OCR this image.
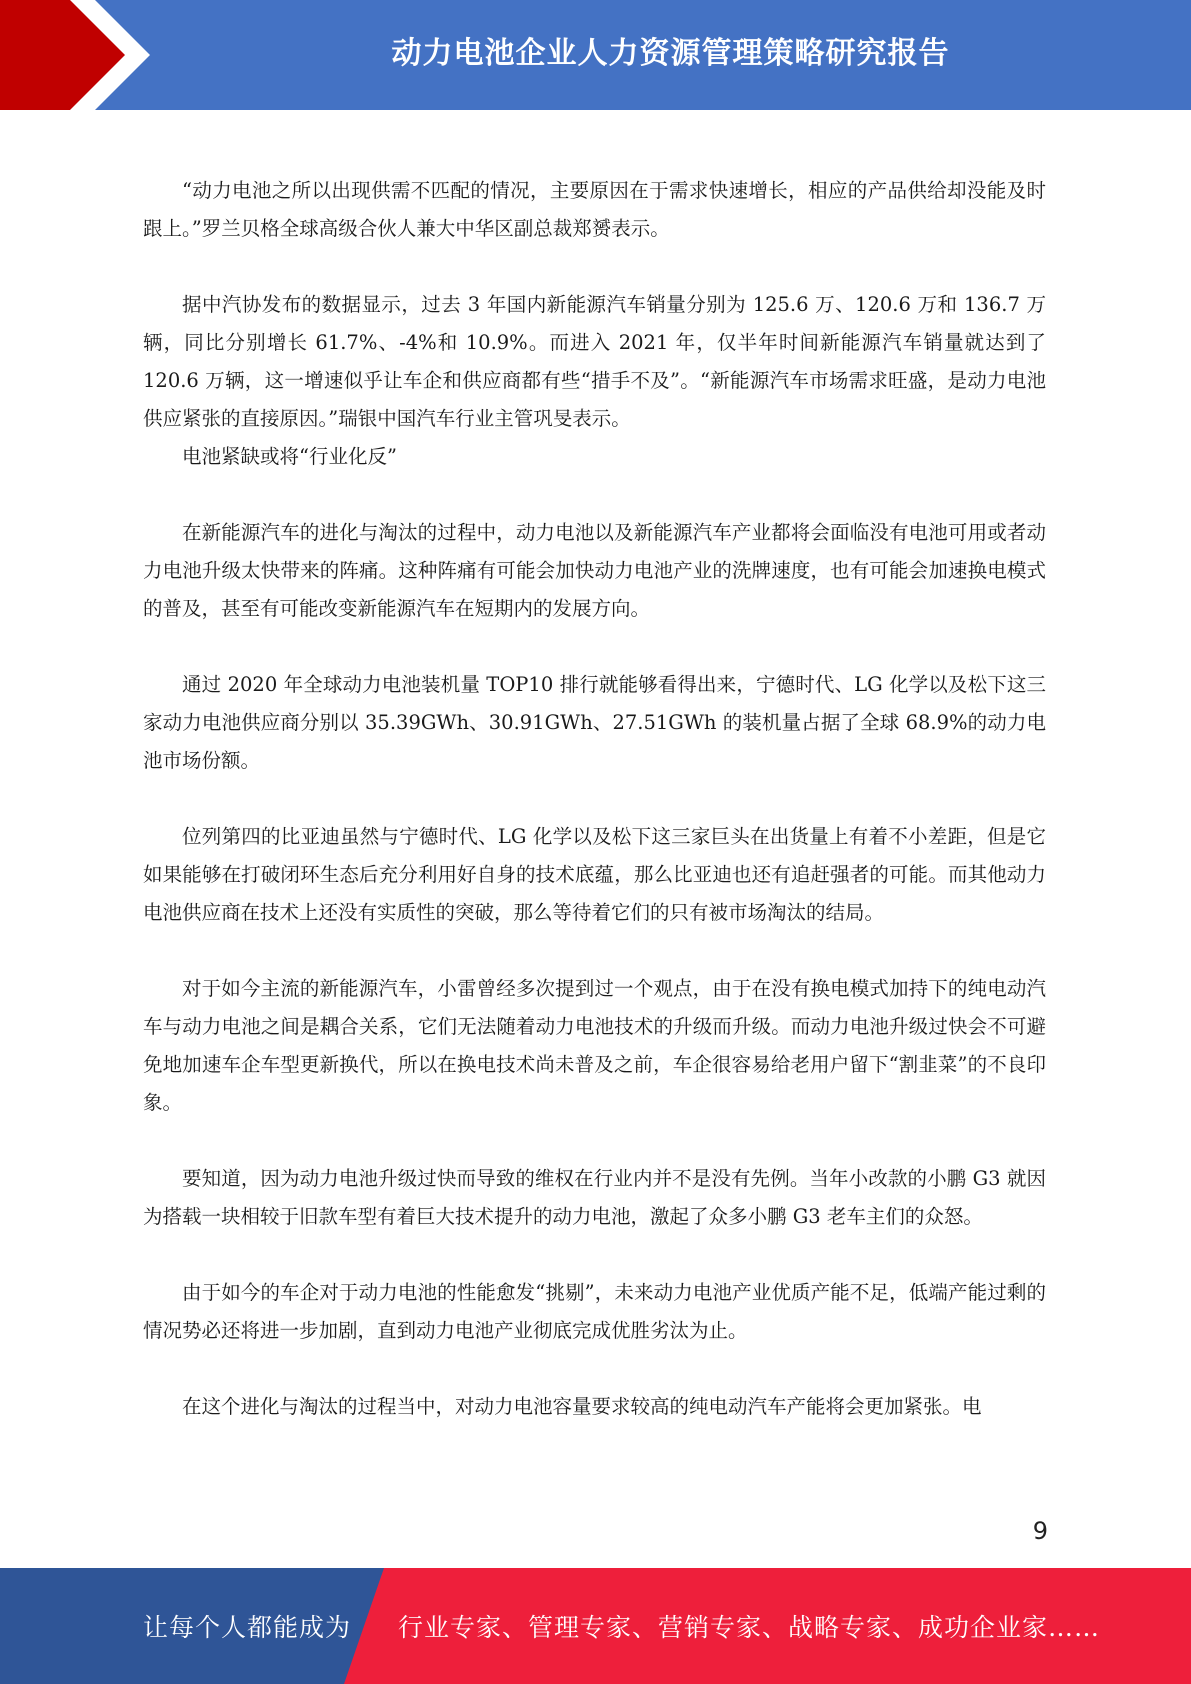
动力电池企业人力资源管理策略研究报告

“动力电池之所以出现供需不匹配的情况，主要原因在于需求快速增长，相应的产品供给却没能及时跟上。”罗兰贝格全球高级合伙人兼大中华区副总裁郑赟表示。

据中汽协发布的数据显示，过去 3 年国内新能源汽车销量分别为 125.6 万、120.6 万和 136.7 万辆，同比分别增长 61.7%、-4%和 10.9%。而进入 2021 年，仅半年时间新能源汽车销量就达到了 120.6 万辆，这一增速似乎让车企和供应商都有些“措手不及”。“新能源汽车市场需求旺盛，是动力电池供应紧张的直接原因。”瑞银中国汽车行业主管巩旻表示。

电池紧缺或将“行业化反”

在新能源汽车的进化与淘汰的过程中，动力电池以及新能源汽车产业都将会面临没有电池可用或者动力电池升级太快带来的阵痛。这种阵痛有可能会加快动力电池产业的洗牌速度，也有可能会加速换电模式的普及，甚至有可能改变新能源汽车在短期内的发展方向。

通过 2020 年全球动力电池装机量 TOP10 排行就能够看得出来，宁德时代、LG 化学以及松下这三家动力电池供应商分别以 35.39GWh、30.91GWh、27.51GWh 的装机量占据了全球 68.9%的动力电池市场份额。

位列第四的比亚迪虽然与宁德时代、LG 化学以及松下这三家巨头在出货量上有着不小差距，但是它如果能够在打破闭环生态后充分利用好自身的技术底蕴，那么比亚迪也还有追赶强者的可能。而其他动力电池供应商在技术上还没有实质性的突破，那么等待着它们的只有被市场淘汰的结局。

对于如今主流的新能源汽车，小雷曾经多次提到过一个观点，由于在没有换电模式加持下的纯电动汽车与动力电池之间是耦合关系，它们无法随着动力电池技术的升级而升级。而动力电池升级过快会不可避免地加速车企车型更新换代，所以在换电技术尚未普及之前，车企很容易给老用户留下“割韭菜”的不良印象。

要知道，因为动力电池升级过快而导致的维权在行业内并不是没有先例。当年小改款的小鹏 G3 就因为搭载一块相较于旧款车型有着巨大技术提升的动力电池，激起了众多小鹏 G3 老车主们的众怒。

由于如今的车企对于动力电池的性能愈发“挑剔”，未来动力电池产业优质产能不足，低端产能过剩的情况势必还将进一步加剧，直到动力电池产业彻底完成优胜劣汰为止。

在这个进化与淘汰的过程当中，对动力电池容量要求较高的纯电动汽车产能将会更加紧张。电

9
让每个人都能成为 行业专家、管理专家、营销专家、战略专家、成功企业家……
